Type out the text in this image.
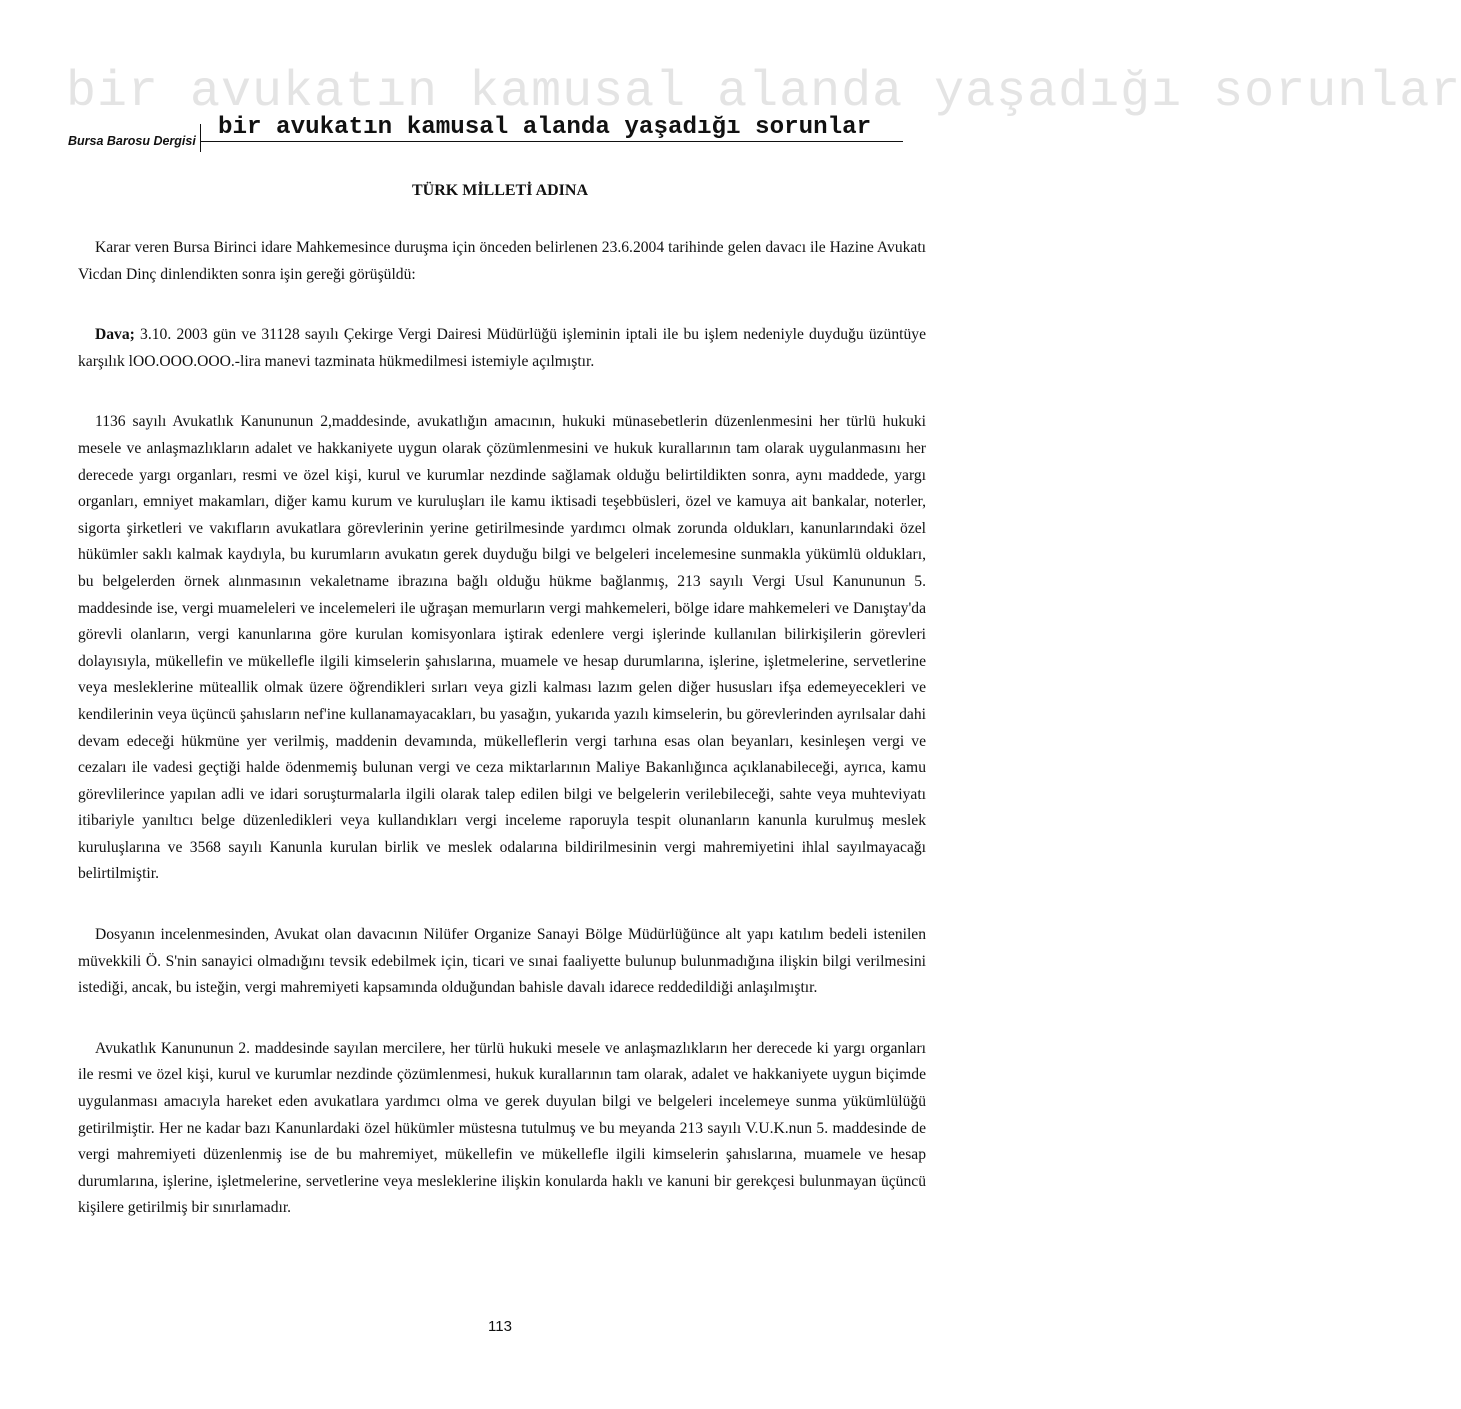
bir avukatın kamusal alanda yaşadığı sorunlar
Bursa Barosu Dergisi bir avukatın kamusal alanda yaşadığı sorunlar
TÜRK MİLLETİ ADINA

Karar veren Bursa Birinci idare Mahkemesince duruşma için önceden belirlenen 23.6.2004 tarihinde gelen davacı ile Hazine Avukatı Vicdan Dinç dinlendikten sonra işin gereği görüşüldü:

Dava; 3.10. 2003 gün ve 31128 sayılı Çekirge Vergi Dairesi Müdürlüğü işleminin iptali ile bu işlem nedeniyle duyduğu üzüntüye karşılık lOO.OOO.OOO.-lira manevi tazminata hükmedilmesi istemiyle açılmıştır.

1136 sayılı Avukatlık Kanununun 2,maddesinde, avukatlığın amacının, hukuki münasebetlerin düzenlenmesini her türlü hukuki mesele ve anlaşmazlıkların adalet ve hakkaniyete uygun olarak çözümlenmesini ve hukuk kurallarının tam olarak uygulanmasını her derecede yargı organları, resmi ve özel kişi, kurul ve kurumlar nezdinde sağlamak olduğu belirtildikten sonra, aynı maddede, yargı organları, emniyet makamları, diğer kamu kurum ve kuruluşları ile kamu iktisadi teşebbüsleri, özel ve kamuya ait bankalar, noterler, sigorta şirketleri ve vakıfların avukatlara görevlerinin yerine getirilmesinde yardımcı olmak zorunda oldukları, kanunlarındaki özel hükümler saklı kalmak kaydıyla, bu kurumların avukatın gerek duyduğu bilgi ve belgeleri incelemesine sunmakla yükümlü oldukları, bu belgelerden örnek alınmasının vekaletname ibrazına bağlı olduğu hükme bağlanmış, 213 sayılı Vergi Usul Kanununun 5. maddesinde ise, vergi muameleleri ve incelemeleri ile uğraşan memurların vergi mahkemeleri, bölge idare mahkemeleri ve Danıştay'da görevli olanların, vergi kanunlarına göre kurulan komisyonlara iştirak edenlere vergi işlerinde kullanılan bilirkişilerin görevleri dolayısıyla, mükellefin ve mükellefle ilgili kimselerin şahıslarına, muamele ve hesap durumlarına, işlerine, işletmelerine, servetlerine veya mesleklerine müteallik olmak üzere öğrendikleri sırları veya gizli kalması lazım gelen diğer hususları ifşa edemeyecekleri ve kendilerinin veya üçüncü şahısların nef'ine kullanamayacakları, bu yasağın, yukarıda yazılı kimselerin, bu görevlerinden ayrılsalar dahi devam edeceği hükmüne yer verilmiş, maddenin devamında, mükelleflerin vergi tarhına esas olan beyanları, kesinleşen vergi ve cezaları ile vadesi geçtiği halde ödenmemiş bulunan vergi ve ceza miktarlarının Maliye Bakanlığınca açıklanabileceği, ayrıca, kamu görevlilerince yapılan adli ve idari soruşturmalarla ilgili olarak talep edilen bilgi ve belgelerin verilebileceği, sahte veya muhteviyatı itibariyle yanıltıcı belge düzenledikleri veya kullandıkları vergi inceleme raporuyla tespit olunanların kanunla kurulmuş meslek kuruluşlarına ve 3568 sayılı Kanunla kurulan birlik ve meslek odalarına bildirilmesinin vergi mahremiyetini ihlal sayılmayacağı belirtilmiştir.

Dosyanın incelenmesinden, Avukat olan davacının Nilüfer Organize Sanayi Bölge Müdürlüğünce alt yapı katılım bedeli istenilen müvekkili Ö. S'nin sanayici olmadığını tevsik edebilmek için, ticari ve sınai faaliyette bulunup bulunmadığına ilişkin bilgi verilmesini istediği, ancak, bu isteğin, vergi mahremiyeti kapsamında olduğundan bahisle davalı idarece reddedildiği anlaşılmıştır.

Avukatlık Kanununun 2. maddesinde sayılan mercilere, her türlü hukuki mesele ve anlaşmazlıkların her derecede ki yargı organları ile resmi ve özel kişi, kurul ve kurumlar nezdinde çözümlenmesi, hukuk kurallarının tam olarak, adalet ve hakkaniyete uygun biçimde uygulanması amacıyla hareket eden avukatlara yardımcı olma ve gerek duyulan bilgi ve belgeleri incelemeye sunma yükümlülüğü getirilmiştir. Her ne kadar bazı Kanunlardaki özel hükümler müstesna tutulmuş ve bu meyanda 213 sayılı V.U.K.nun 5. maddesinde de vergi mahremiyeti düzenlenmiş ise de bu mahremiyet, mükellefin ve mükellefle ilgili kimselerin şahıslarına, muamele ve hesap durumlarına, işlerine, işletmelerine, servetlerine veya mesleklerine ilişkin konularda haklı ve kanuni bir gerekçesi bulunmayan üçüncü kişilere getirilmiş bir sınırlamadır.

113
